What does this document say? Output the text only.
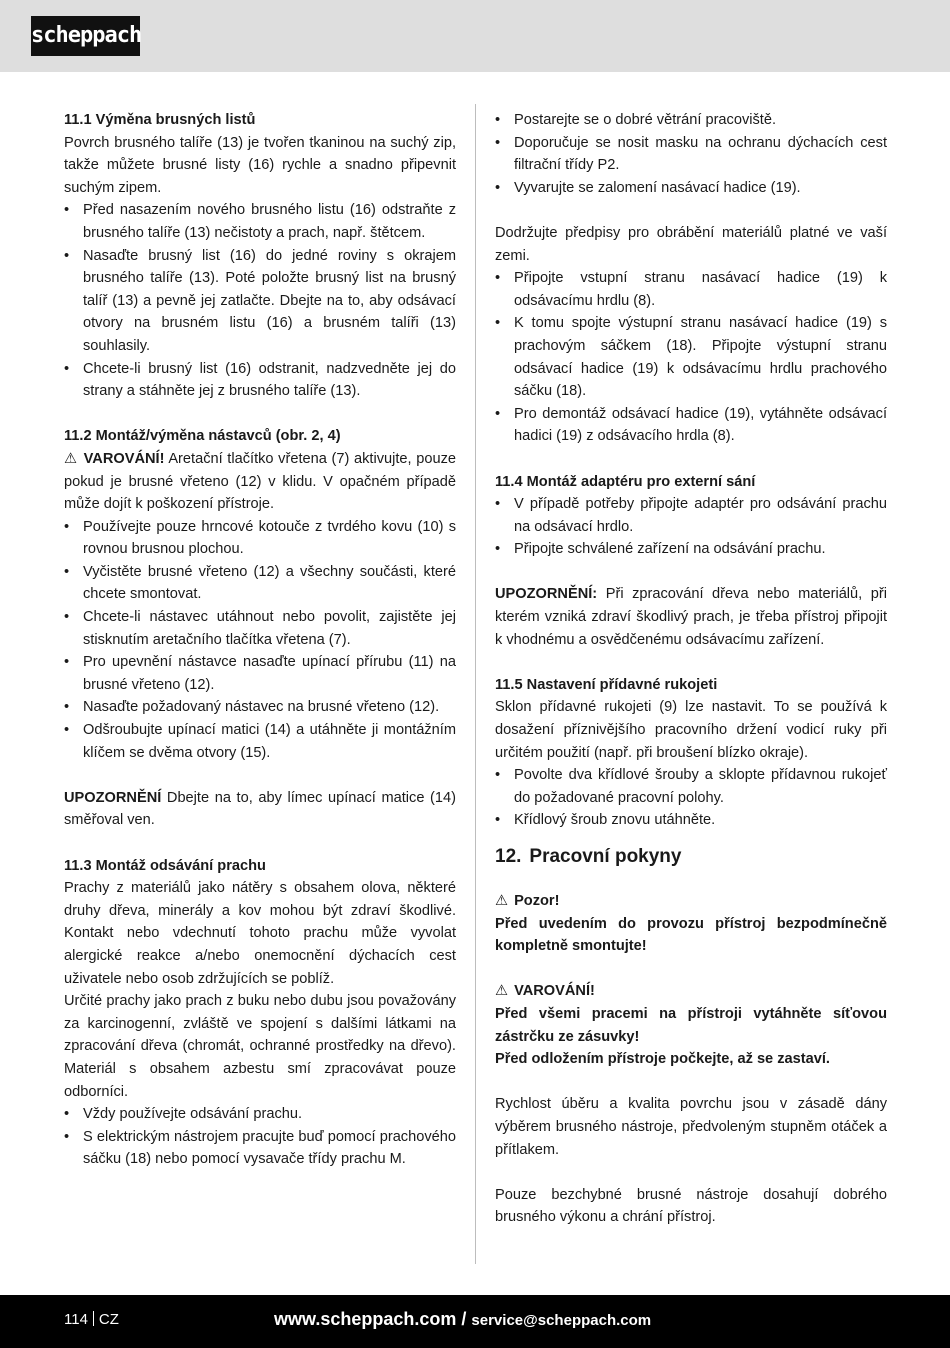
scheppach

11.1 Výměna brusných listů

Povrch brusného talíře (13) je tvořen tkaninou na suchý zip, takže můžete brusné listy (16) rychle a snadno připevnit suchým zipem.

• Před nasazením nového brusného listu (16) odstraňte z brusného talíře (13) nečistoty a prach, např. štětcem.
• Nasaďte brusný list (16) do jedné roviny s okrajem brusného talíře (13). Poté položte brusný list na brusný talíř (13) a pevně jej zatlačte. Dbejte na to, aby odsávací otvory na brusném listu (16) a brusném talíři (13) souhlasily.
• Chcete-li brusný list (16) odstranit, nadzvedněte jej do strany a stáhněte jej z brusného talíře (13).

11.2 Montáž/výměna nástavců (obr. 2, 4)

⚠ VAROVÁNÍ! Aretační tlačítko vřetena (7) aktivujte, pouze pokud je brusné vřeteno (12) v klidu. V opačném případě může dojít k poškození přístroje.

• Používejte pouze hrncové kotouče z tvrdého kovu (10) s rovnou brusnou plochou.
• Vyčistěte brusné vřeteno (12) a všechny součásti, které chcete smontovat.
• Chcete-li nástavec utáhnout nebo povolit, zajistěte jej stisknutím aretačního tlačítka vřetena (7).
• Pro upevnění nástavce nasaďte upínací přírubu (11) na brusné vřeteno (12).
• Nasaďte požadovaný nástavec na brusné vřeteno (12).
• Odšroubujte upínací matici (14) a utáhněte ji montážním klíčem se dvěma otvory (15).

UPOZORNĚNÍ Dbejte na to, aby límec upínací matice (14) směřoval ven.

11.3 Montáž odsávání prachu

Prachy z materiálů jako nátěry s obsahem olova, některé druhy dřeva, minerály a kov mohou být zdraví škodlivé. Kontakt nebo vdechnutí tohoto prachu může vyvolat alergické reakce a/nebo onemocnění dýchacích cest uživatele nebo osob zdržujících se poblíž.

Určité prachy jako prach z buku nebo dubu jsou považovány za karcinogenní, zvláště ve spojení s dalšími látkami na zpracování dřeva (chromát, ochranné prostředky na dřevo). Materiál s obsahem azbestu smí zpracovávat pouze odborníci.

• Vždy používejte odsávání prachu.
• S elektrickým nástrojem pracujte buď pomocí prachového sáčku (18) nebo pomocí vysavače třídy prachu M.
• Postarejte se o dobré větrání pracoviště.
• Doporučuje se nosit masku na ochranu dýchacích cest filtrační třídy P2.
• Vyvarujte se zalomení nasávací hadice (19).

Dodržujte předpisy pro obrábění materiálů platné ve vaší zemi.

• Připojte vstupní stranu nasávací hadice (19) k odsávacímu hrdlu (8).
• K tomu spojte výstupní stranu nasávací hadice (19) s prachovým sáčkem (18). Připojte výstupní stranu odsávací hadice (19) k odsávacímu hrdlu prachového sáčku (18).
• Pro demontáž odsávací hadice (19), vytáhněte odsávací hadici (19) z odsávacího hrdla (8).

11.4 Montáž adaptéru pro externí sání

• V případě potřeby připojte adaptér pro odsávání prachu na odsávací hrdlo.
• Připojte schválené zařízení na odsávání prachu.

UPOZORNĚNÍ: Při zpracování dřeva nebo materiálů, při kterém vzniká zdraví škodlivý prach, je třeba přístroj připojit k vhodnému a osvědčenému odsávacímu zařízení.

11.5 Nastavení přídavné rukojeti

Sklon přídavné rukojeti (9) lze nastavit. To se používá k dosažení příznivějšího pracovního držení vodicí ruky při určitém použití (např. při broušení blízko okraje).

• Povolte dva křídlové šrouby a sklopte přídavnou rukojeť do požadované pracovní polohy.
• Křídlový šroub znovu utáhněte.

12. Pracovní pokyny

⚠ Pozor!

Před uvedením do provozu přístroj bezpodmínečně kompletně smontujte!

⚠ VAROVÁNÍ!

Před všemi pracemi na přístroji vytáhněte síťovou zástrčku ze zásuvky!

Před odložením přístroje počkejte, až se zastaví.

Rychlost úběru a kvalita povrchu jsou v zásadě dány výběrem brusného nástroje, předvoleným stupněm otáček a přítlakem.

Pouze bezchybné brusné nástroje dosahují dobrého brusného výkonu a chrání přístroj.

114 CZ	www.scheppach.com / service@scheppach.com
